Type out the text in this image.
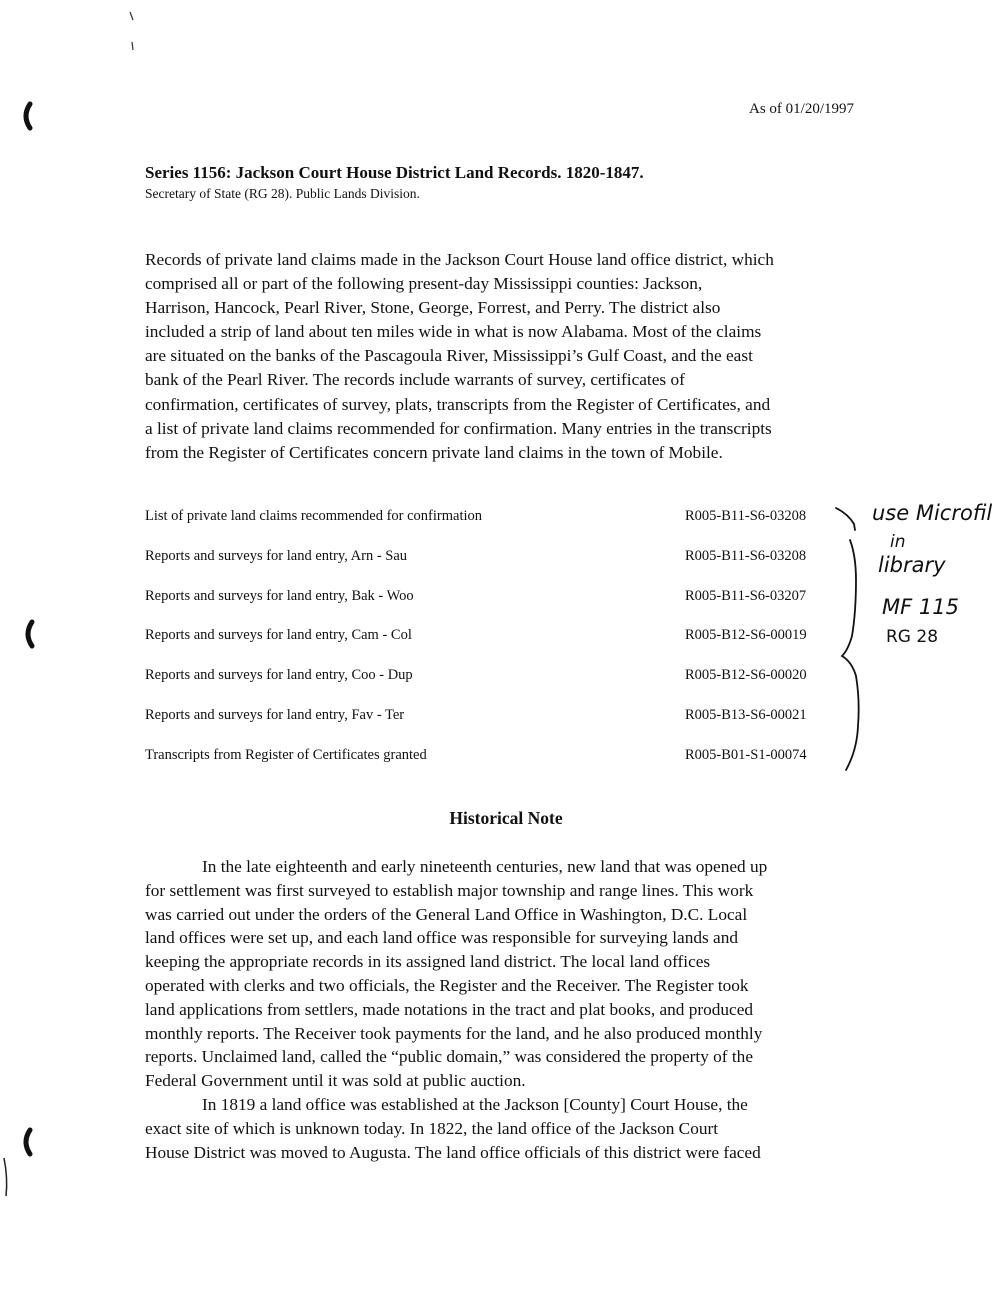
As of 01/20/1997
Series 1156: Jackson Court House District Land Records. 1820-1847.
Secretary of State (RG 28). Public Lands Division.
Records of private land claims made in the Jackson Court House land office district, which
comprised all or part of the following present-day Mississippi counties: Jackson,
Harrison, Hancock, Pearl River, Stone, George, Forrest, and Perry. The district also
included a strip of land about ten miles wide in what is now Alabama. Most of the claims
are situated on the banks of the Pascagoula River, Mississippi’s Gulf Coast, and the east
bank of the Pearl River. The records include warrants of survey, certificates of
confirmation, certificates of survey, plats, transcripts from the Register of Certificates, and
a list of private land claims recommended for confirmation. Many entries in the transcripts
from the Register of Certificates concern private land claims in the town of Mobile.
List of private land claims recommended for confirmation	R005-B11-S6-03208
Reports and surveys for land entry, Arn - Sau	R005-B11-S6-03208
Reports and surveys for land entry, Bak - Woo	R005-B11-S6-03207
Reports and surveys for land entry, Cam - Col	R005-B12-S6-00019
Reports and surveys for land entry, Coo - Dup	R005-B12-S6-00020
Reports and surveys for land entry, Fav - Ter	R005-B13-S6-00021
Transcripts from Register of Certificates granted	R005-B01-S1-00074
use Microfil
in
library
MF 115
RG 28
Historical Note
In the late eighteenth and early nineteenth centuries, new land that was opened up
for settlement was first surveyed to establish major township and range lines. This work
was carried out under the orders of the General Land Office in Washington, D.C. Local
land offices were set up, and each land office was responsible for surveying lands and
keeping the appropriate records in its assigned land district. The local land offices
operated with clerks and two officials, the Register and the Receiver. The Register took
land applications from settlers, made notations in the tract and plat books, and produced
monthly reports. The Receiver took payments for the land, and he also produced monthly
reports. Unclaimed land, called the “public domain,” was considered the property of the
Federal Government until it was sold at public auction.
In 1819 a land office was established at the Jackson [County] Court House, the
exact site of which is unknown today. In 1822, the land office of the Jackson Court
House District was moved to Augusta. The land office officials of this district were faced
